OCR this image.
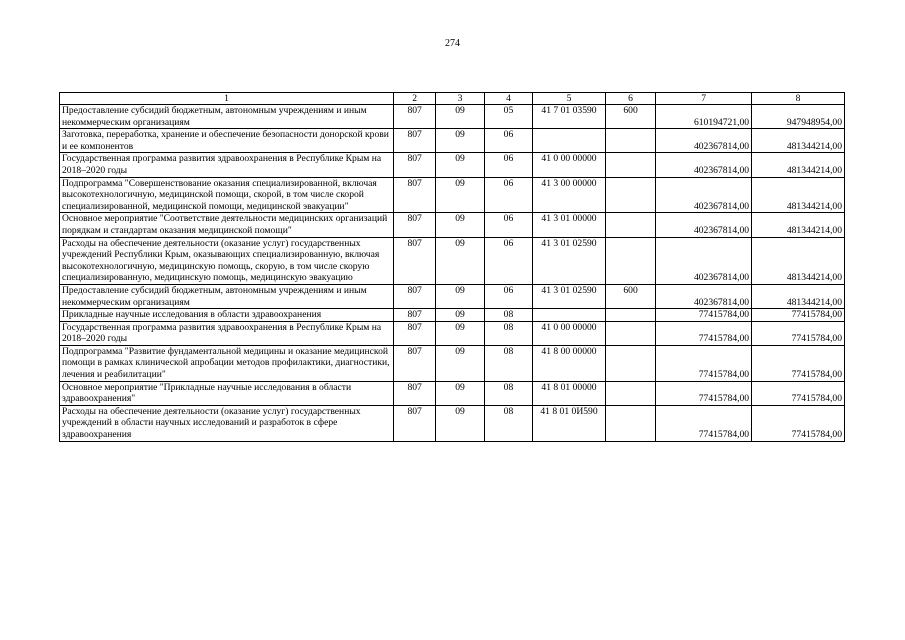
274
1	2	3	4	5	6	7	8
Предоставление субсидий бюджетным, автономным учреждениям и иным некоммерческим организациям	807	09	05	41 7 01 03590	600	610194721,00	947948954,00
Заготовка, переработка, хранение и обеспечение безопасности донорской крови и ее компонентов	807	09	06			402367814,00	481344214,00
Государственная программа развития здравоохранения в Республике Крым на 2018–2020 годы	807	09	06	41 0 00 00000		402367814,00	481344214,00
Подпрограмма "Совершенствование оказания специализированной, включая высокотехнологичную, медицинской помощи, скорой, в том числе скорой специализированной, медицинской помощи, медицинской эвакуации"	807	09	06	41 3 00 00000		402367814,00	481344214,00
Основное мероприятие "Соответствие деятельности медицинских организаций порядкам и стандартам оказания медицинской помощи"	807	09	06	41 3 01 00000		402367814,00	481344214,00
Расходы на обеспечение деятельности (оказание услуг) государственных учреждений Республики Крым, оказывающих специализированную, включая высокотехнологичную, медицинскую помощь, скорую, в том числе скорую специализированную, медицинскую помощь, медицинскую эвакуацию	807	09	06	41 3 01 02590		402367814,00	481344214,00
Предоставление субсидий бюджетным, автономным учреждениям и иным некоммерческим организациям	807	09	06	41 3 01 02590	600	402367814,00	481344214,00
Прикладные научные исследования в области здравоохранения	807	09	08			77415784,00	77415784,00
Государственная программа развития здравоохранения в Республике Крым на 2018–2020 годы	807	09	08	41 0 00 00000		77415784,00	77415784,00
Подпрограмма "Развитие фундаментальной медицины и оказание медицинской помощи в рамках клинической апробации методов профилактики, диагностики, лечения и реабилитации"	807	09	08	41 8 00 00000		77415784,00	77415784,00
Основное мероприятие "Прикладные научные исследования в области здравоохранения"	807	09	08	41 8 01 00000		77415784,00	77415784,00
Расходы на обеспечение деятельности (оказание услуг) государственных учреждений в области научных исследований и разработок в сфере здравоохранения	807	09	08	41 8 01 0И590		77415784,00	77415784,00
